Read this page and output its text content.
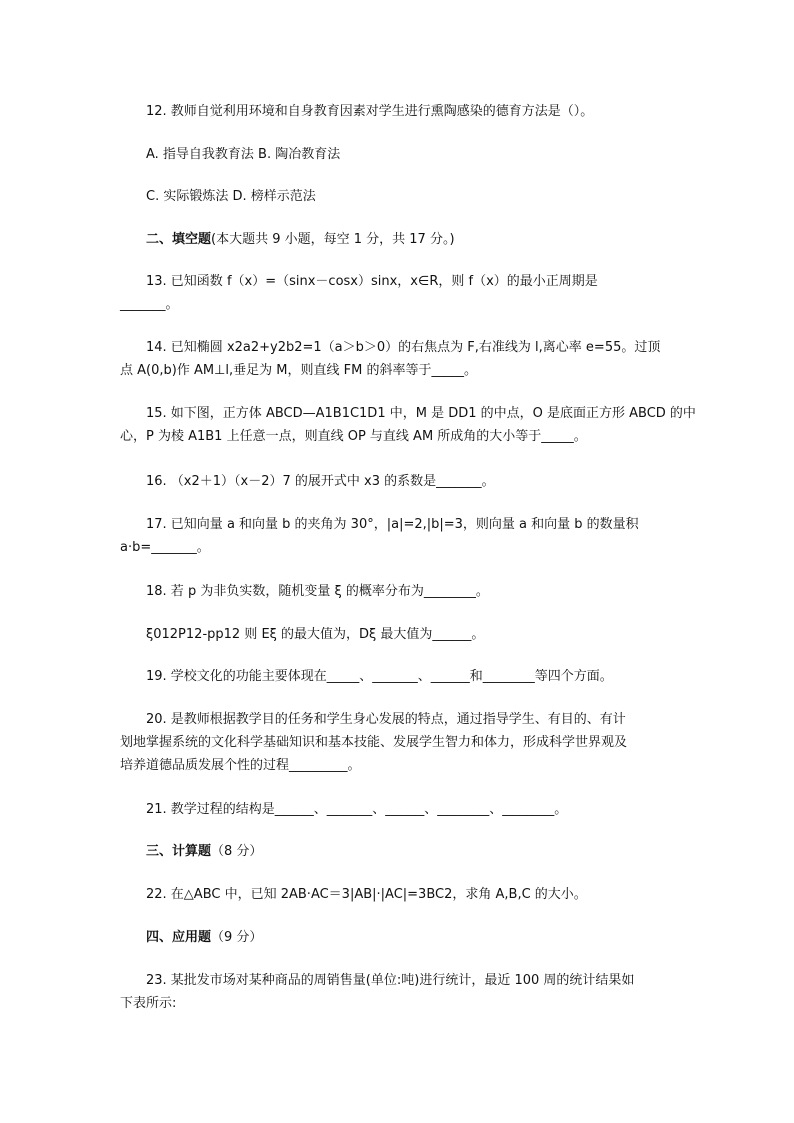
12. 教师自觉利用环境和自身教育因素对学生进行熏陶感染的德育方法是（）。
A. 指导自我教育法 B. 陶冶教育法
C. 实际锻炼法 D. 榜样示范法
二、填空题(本大题共 9 小题，每空 1 分，共 17 分。)
13. 已知函数 f（x）=（sinx－cosx）sinx，x∈R，则 f（x）的最小正周期是
_______。
14. 已知椭圆 x2a2+y2b2=1（a＞b＞0）的右焦点为 F,右准线为 l,离心率 e=55。过顶
点 A(0,b)作 AM⊥l,垂足为 M，则直线 FM 的斜率等于_____。
15. 如下图，正方体 ABCD—A1B1C1D1 中，M 是 DD1 的中点，O 是底面正方形 ABCD 的中
心，P 为棱 A1B1 上任意一点，则直线 OP 与直线 AM 所成角的大小等于_____。
16. （x2＋1）（x－2）7 的展开式中 x3 的系数是_______。
17. 已知向量 a 和向量 b 的夹角为 30°，|a|=2,|b|=3，则向量 a 和向量 b 的数量积
a·b=_______。
18. 若 p 为非负实数，随机变量 ξ 的概率分布为________。
ξ012P12-pp12 则 Eξ 的最大值为，Dξ 最大值为______。
19. 学校文化的功能主要体现在_____、_______、______和________等四个方面。
20. 是教师根据教学目的任务和学生身心发展的特点，通过指导学生、有目的、有计
划地掌握系统的文化科学基础知识和基本技能、发展学生智力和体力，形成科学世界观及
培养道德品质发展个性的过程_________。
21. 教学过程的结构是______、_______、______、________、________。
三、计算题（8 分）
22. 在△ABC 中，已知 2AB·AC＝3|AB|·|AC|=3BC2，求角 A,B,C 的大小。
四、应用题（9 分）
23. 某批发市场对某种商品的周销售量(单位:吨)进行统计，最近 100 周的统计结果如
下表所示:
